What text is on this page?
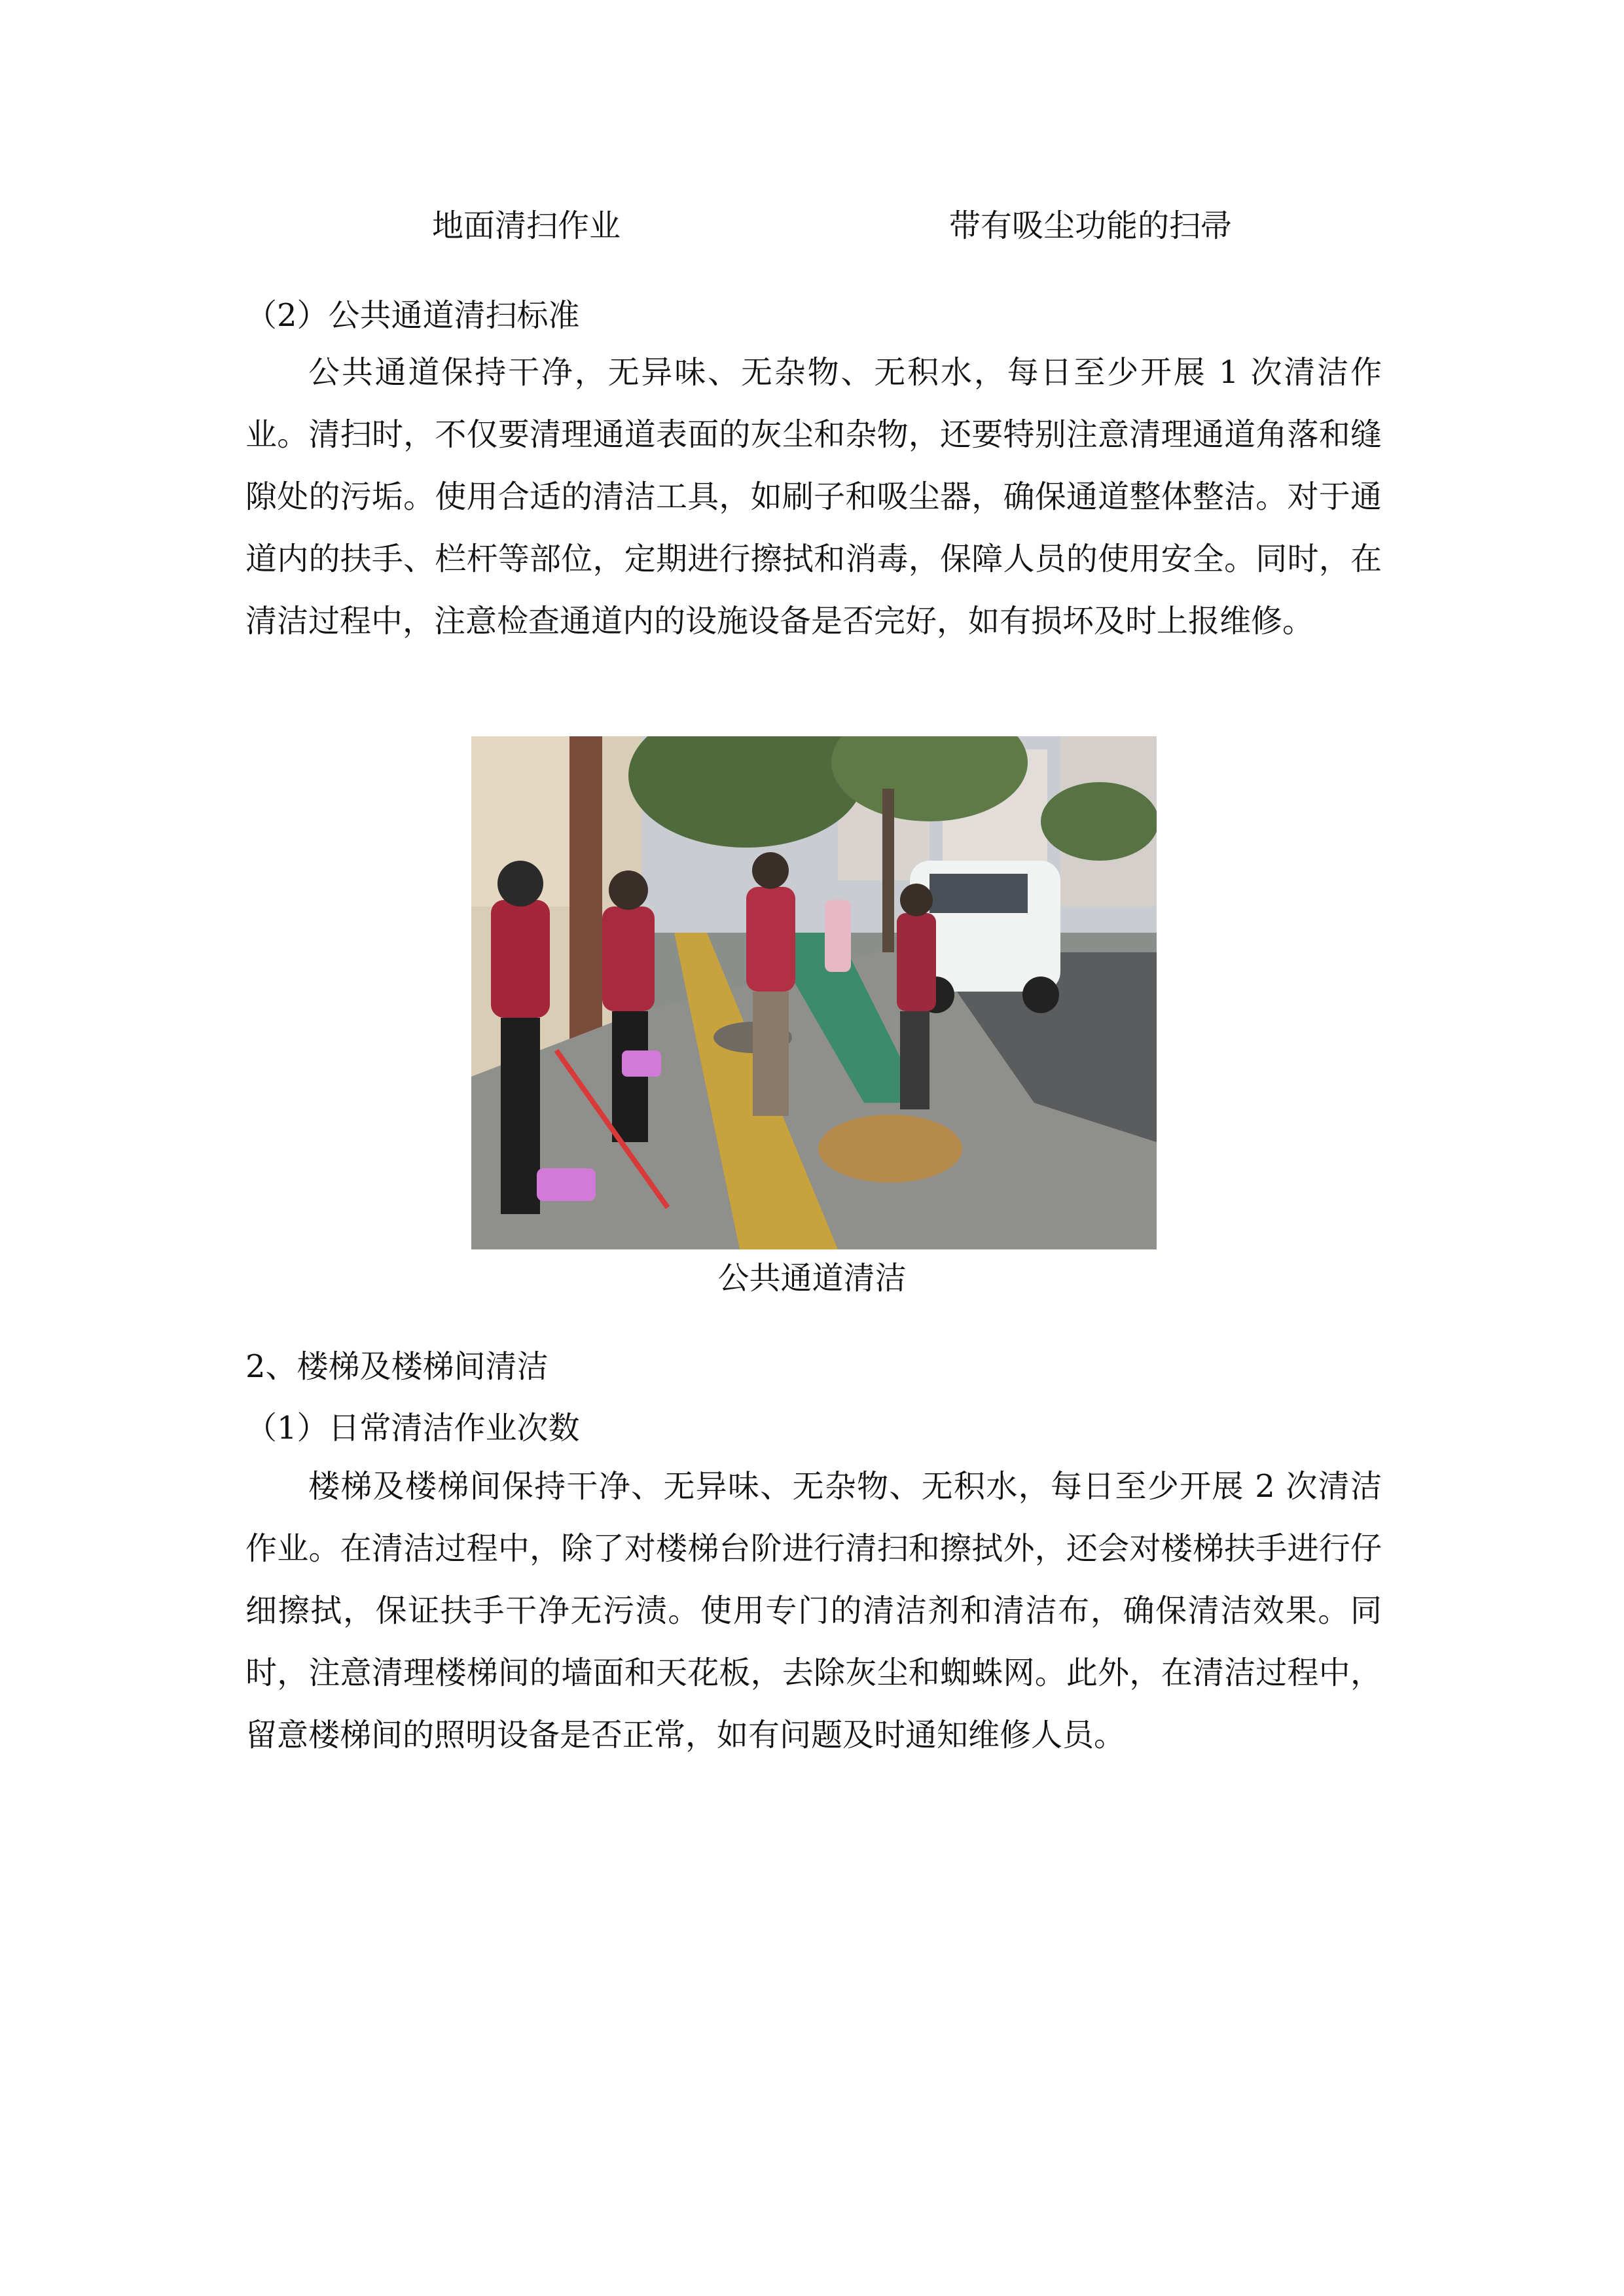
地面清扫作业	带有吸尘功能的扫帚
（2）公共通道清扫标准

公共通道保持干净，无异味、无杂物、无积水，每日至少开展 1 次清洁作业。清扫时，不仅要清理通道表面的灰尘和杂物，还要特别注意清理通道角落和缝隙处的污垢。使用合适的清洁工具，如刷子和吸尘器，确保通道整体整洁。对于通道内的扶手、栏杆等部位，定期进行擦拭和消毒，保障人员的使用安全。同时，在清洁过程中，注意检查通道内的设施设备是否完好，如有损坏及时上报维修。

公共通道清洁
2、楼梯及楼梯间清洁
（1）日常清洁作业次数

楼梯及楼梯间保持干净、无异味、无杂物、无积水，每日至少开展 2 次清洁作业。在清洁过程中，除了对楼梯台阶进行清扫和擦拭外，还会对楼梯扶手进行仔细擦拭，保证扶手干净无污渍。使用专门的清洁剂和清洁布，确保清洁效果。同时，注意清理楼梯间的墙面和天花板，去除灰尘和蜘蛛网。此外，在清洁过程中，留意楼梯间的照明设备是否正常，如有问题及时通知维修人员。
